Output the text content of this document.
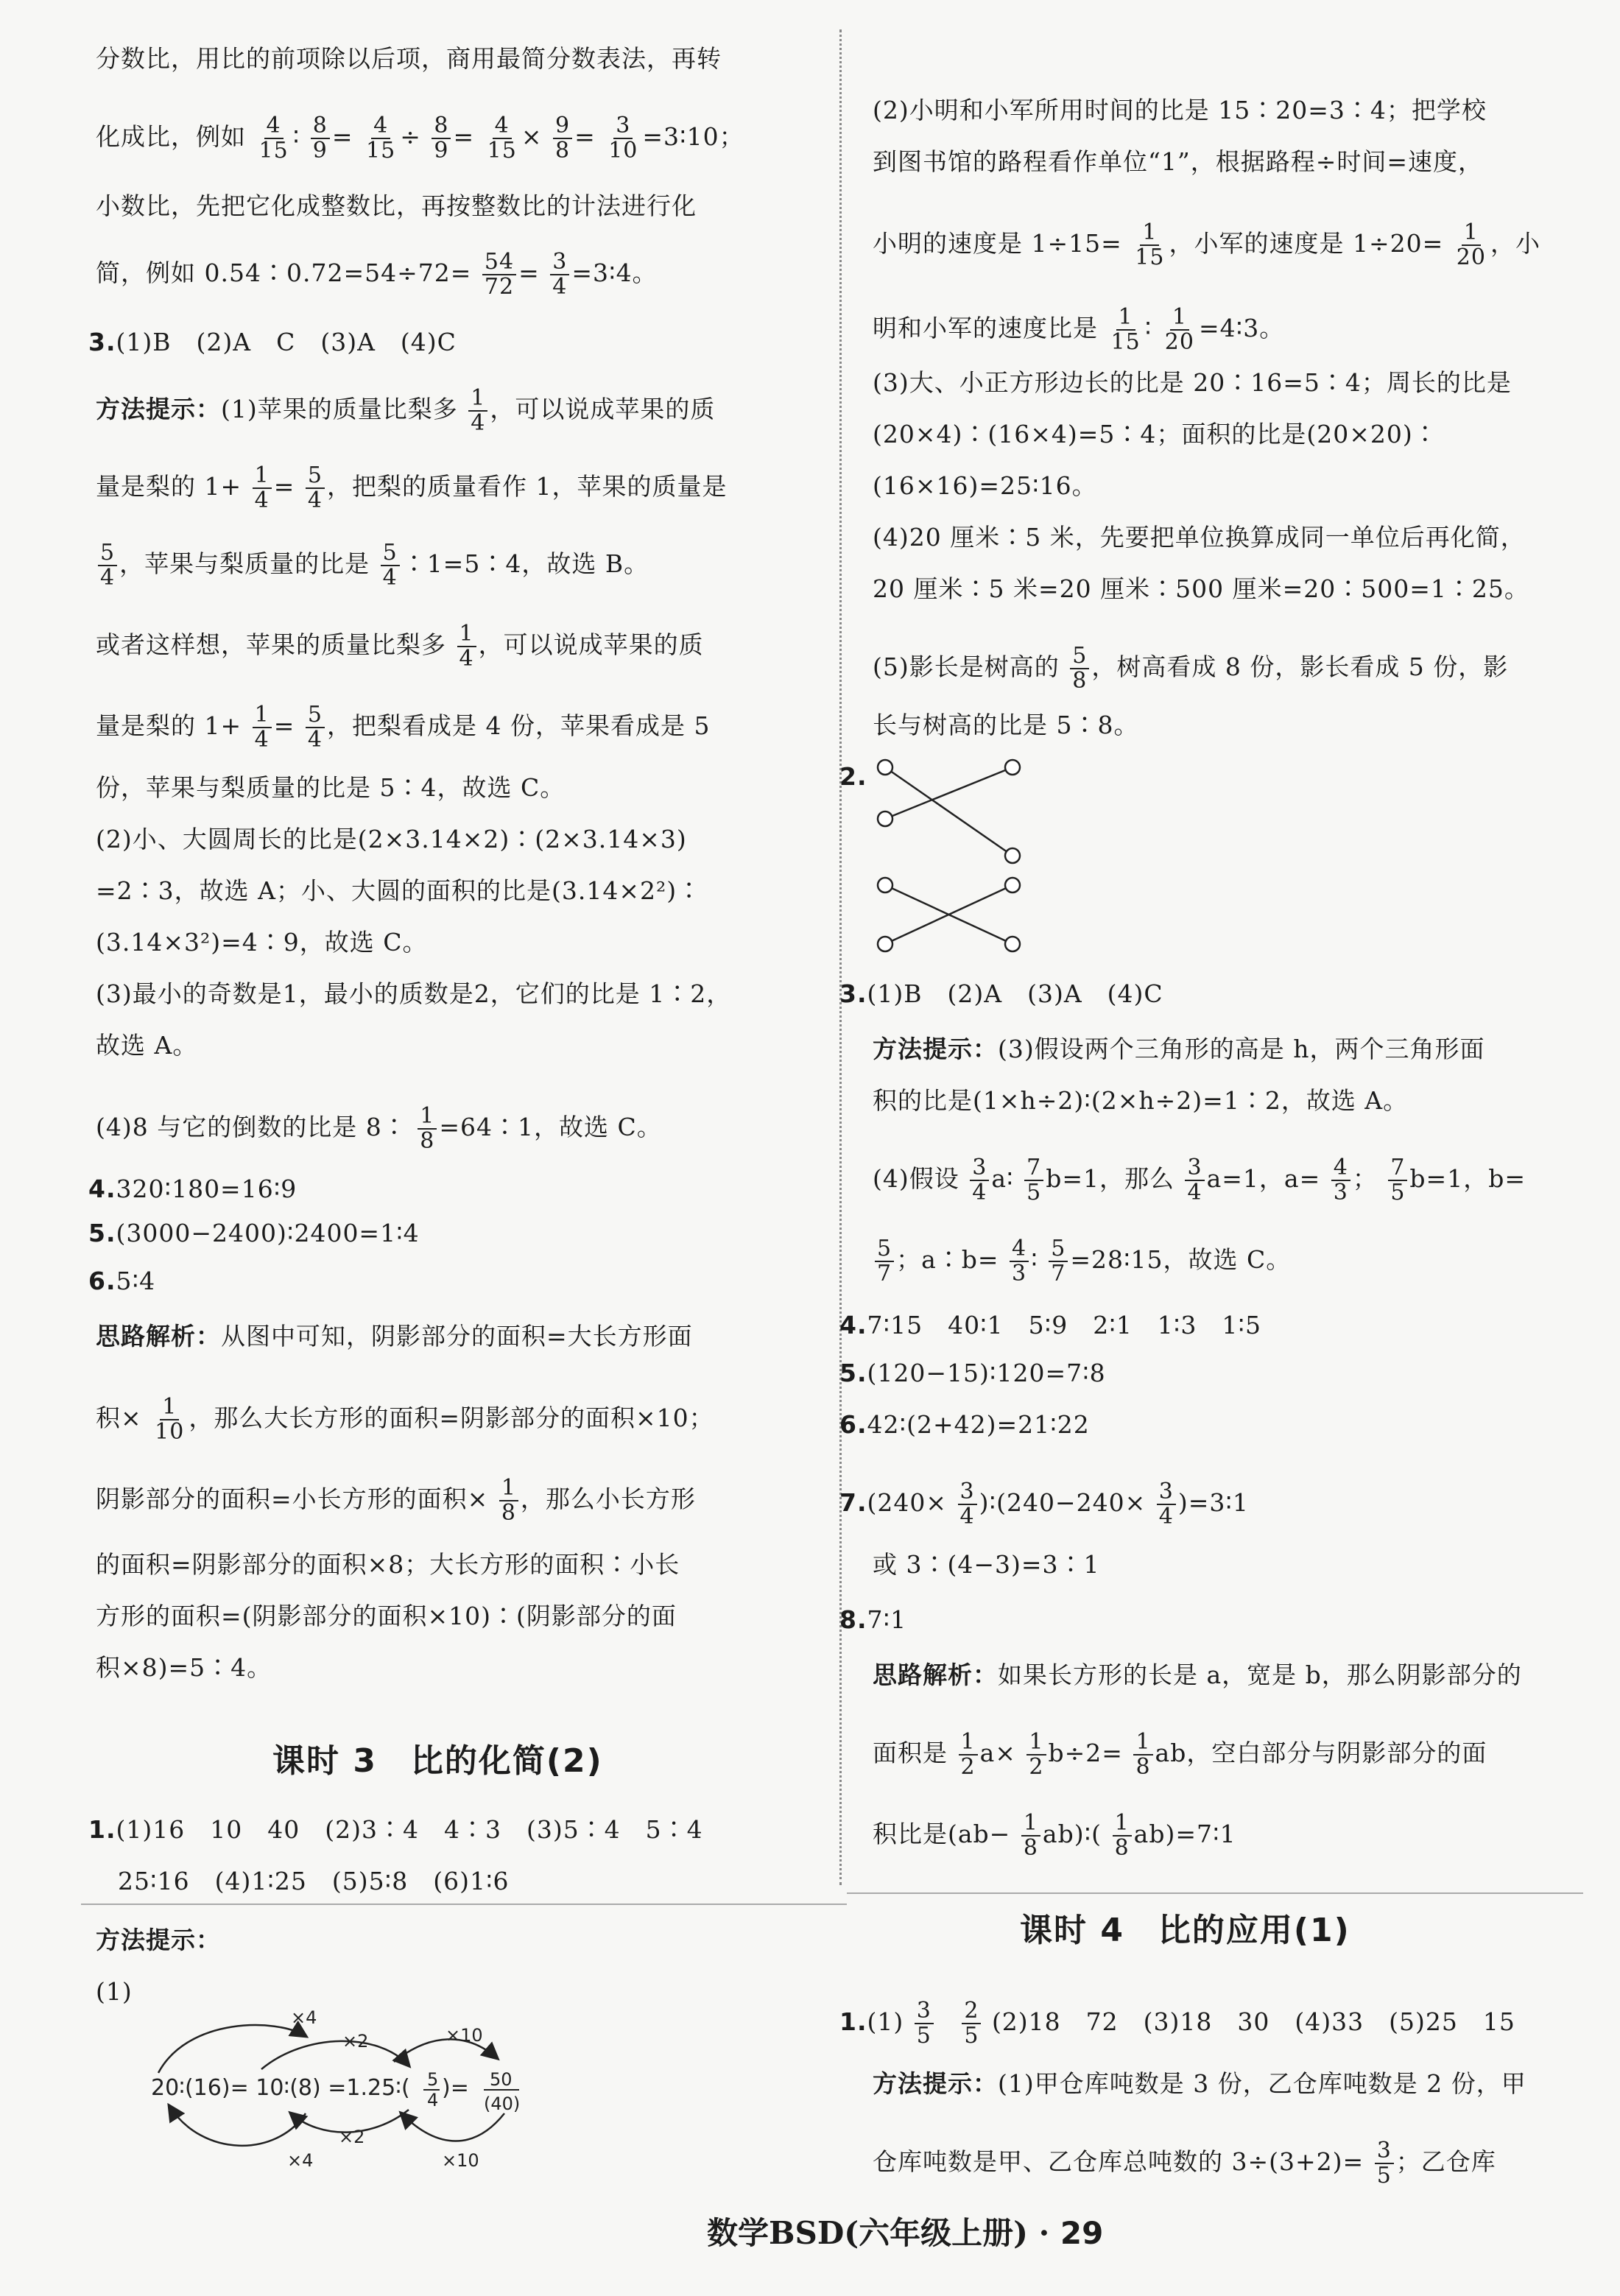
分数比，用比的前项除以后项，商用最简分数表法，再转
化成比，例如 $\frac{4}{15}$ ∶ $\frac{8}{9} = \frac{4}{15} \div \frac{8}{9} = \frac{4}{15} \times \frac{9}{8} = \frac{3}{10}$ =3∶10；
小数比，先把它化成整数比，再按整数比的计法进行化
简，例如 0.54∶0.72=54÷72= $\frac{54}{72} = \frac{3}{4}$ =3∶4。
3.(1)B　(2)A　C　(3)A　(4)C
方法提示：(1)苹果的质量比梨多 $\frac{1}{4}$ ，可以说成苹果的质
量是梨的 $1+ \frac{1}{4} = \frac{5}{4}$ ，把梨的质量看作 1，苹果的质量是
$\frac{5}{4}$ ，苹果与梨质量的比是 $\frac{5}{4}$ ∶1=5∶4，故选 B。
或者这样想，苹果的质量比梨多 $\frac{1}{4}$ ，可以说成苹果的质
量是梨的 $1+ \frac{1}{4} = \frac{5}{4}$ ，把梨看成是 4 份，苹果看成是 5
份，苹果与梨质量的比是 5∶4，故选 C。
(2)小、大圆周长的比是(2×3.14×2)∶(2×3.14×3)
=2∶3，故选 A；小、大圆的面积的比是(3.14×2²)∶
(3.14×3²)=4∶9，故选 C。
(3)最小的奇数是1，最小的质数是2，它们的比是 1∶2，
故选 A。
(4)8 与它的倒数的比是 8∶ $\frac{1}{8}$ =64∶1，故选 C。
4.320∶180=16∶9
5.(3000−2400)∶2400=1∶4
6.5∶4
思路解析：从图中可知，阴影部分的面积=大长方形面
积× $\frac{1}{10}$ ，那么大长方形的面积=阴影部分的面积×10；
阴影部分的面积=小长方形的面积× $\frac{1}{8}$ ，那么小长方形
的面积=阴影部分的面积×8；大长方形的面积∶小长
方形的面积=(阴影部分的面积×10)∶(阴影部分的面
积×8)=5∶4。
课时 3　比的化简(2)
1.(1)16　10　40　(2)3∶4　4∶3　(3)5∶4　5∶4
25∶16　(4)1∶25　(5)5∶8　(6)1∶6
方法提示：
(1)
×4
×2	×10
20∶(16)= 10∶(8) =1.25∶( 5
4 )= 50
(40)
×2
×4	×10
(2)小明和小军所用时间的比是 15∶20=3∶4；把学校
到图书馆的路程看作单位“1”，根据路程÷时间=速度，
小明的速度是 $1\div 15= \frac{1}{15}$ ，小军的速度是 $1\div 20= \frac{1}{20}$ ，小
明和小军的速度比是 $\frac{1}{15}$ ∶ $\frac{1}{20}$ =4∶3。
(3)大、小正方形边长的比是 20∶16=5∶4；周长的比是
(20×4)∶(16×4)=5∶4；面积的比是(20×20)∶
(16×16)=25∶16。
(4)20 厘米∶5 米，先要把单位换算成同一单位后再化简，
20 厘米∶5 米=20 厘米∶500 厘米=20∶500=1∶25。
(5)影长是树高的 $\frac{5}{8}$ ，树高看成 8 份，影长看成 5 份，影
长与树高的比是 5∶8。
2.
3.(1)B　(2)A　(3)A　(4)C
方法提示：(3)假设两个三角形的高是 h，两个三角形面
积的比是(1×h÷2)∶(2×h÷2)=1∶2，故选 A。
(4)假设 $\frac{3}{4}$ a∶ $\frac{7}{5} b=1$，那么 $\frac{3}{4} a=1$，$a= \frac{4}{3}$ ； $\frac{7}{5} b=1$，b=
$\frac{5}{7}$ ；a∶b= $\frac{4}{3}$ ∶ $\frac{5}{7}$ =28∶15，故选 C。
4.7∶15　40∶1　5∶9　2∶1　1∶3　1∶5
5.(120−15)∶120=7∶8
6.42∶(2+42)=21∶22
$7.(240\times \frac{3}{4}$ )∶(240−240× $\frac{3}{4}$ )=3∶1
或 3∶(4−3)=3∶1
8.7∶1
思路解析：如果长方形的长是 a，宽是 b，那么阴影部分的
面积是 $\frac{1}{2} a\times \frac{1}{2} b\div 2= \frac{1}{8}$ ab，空白部分与阴影部分的面
积比是($ab- \frac{1}{8}$ ab)∶( $\frac{1}{8}$ ab)=7∶1
课时 4　比的应用(1)
$1.(1) \frac{3}{5}$
$\frac{2}{5} (2)18$　72　(3)18　30　(4)33　(5)25　15
方法提示：(1)甲仓库吨数是 3 份，乙仓库吨数是 2 份，甲
仓库吨数是甲、乙仓库总吨数的 $3\div(3+2)= \frac{3}{5}$ ；乙仓库
数学BSD(六年级上册) · 29
